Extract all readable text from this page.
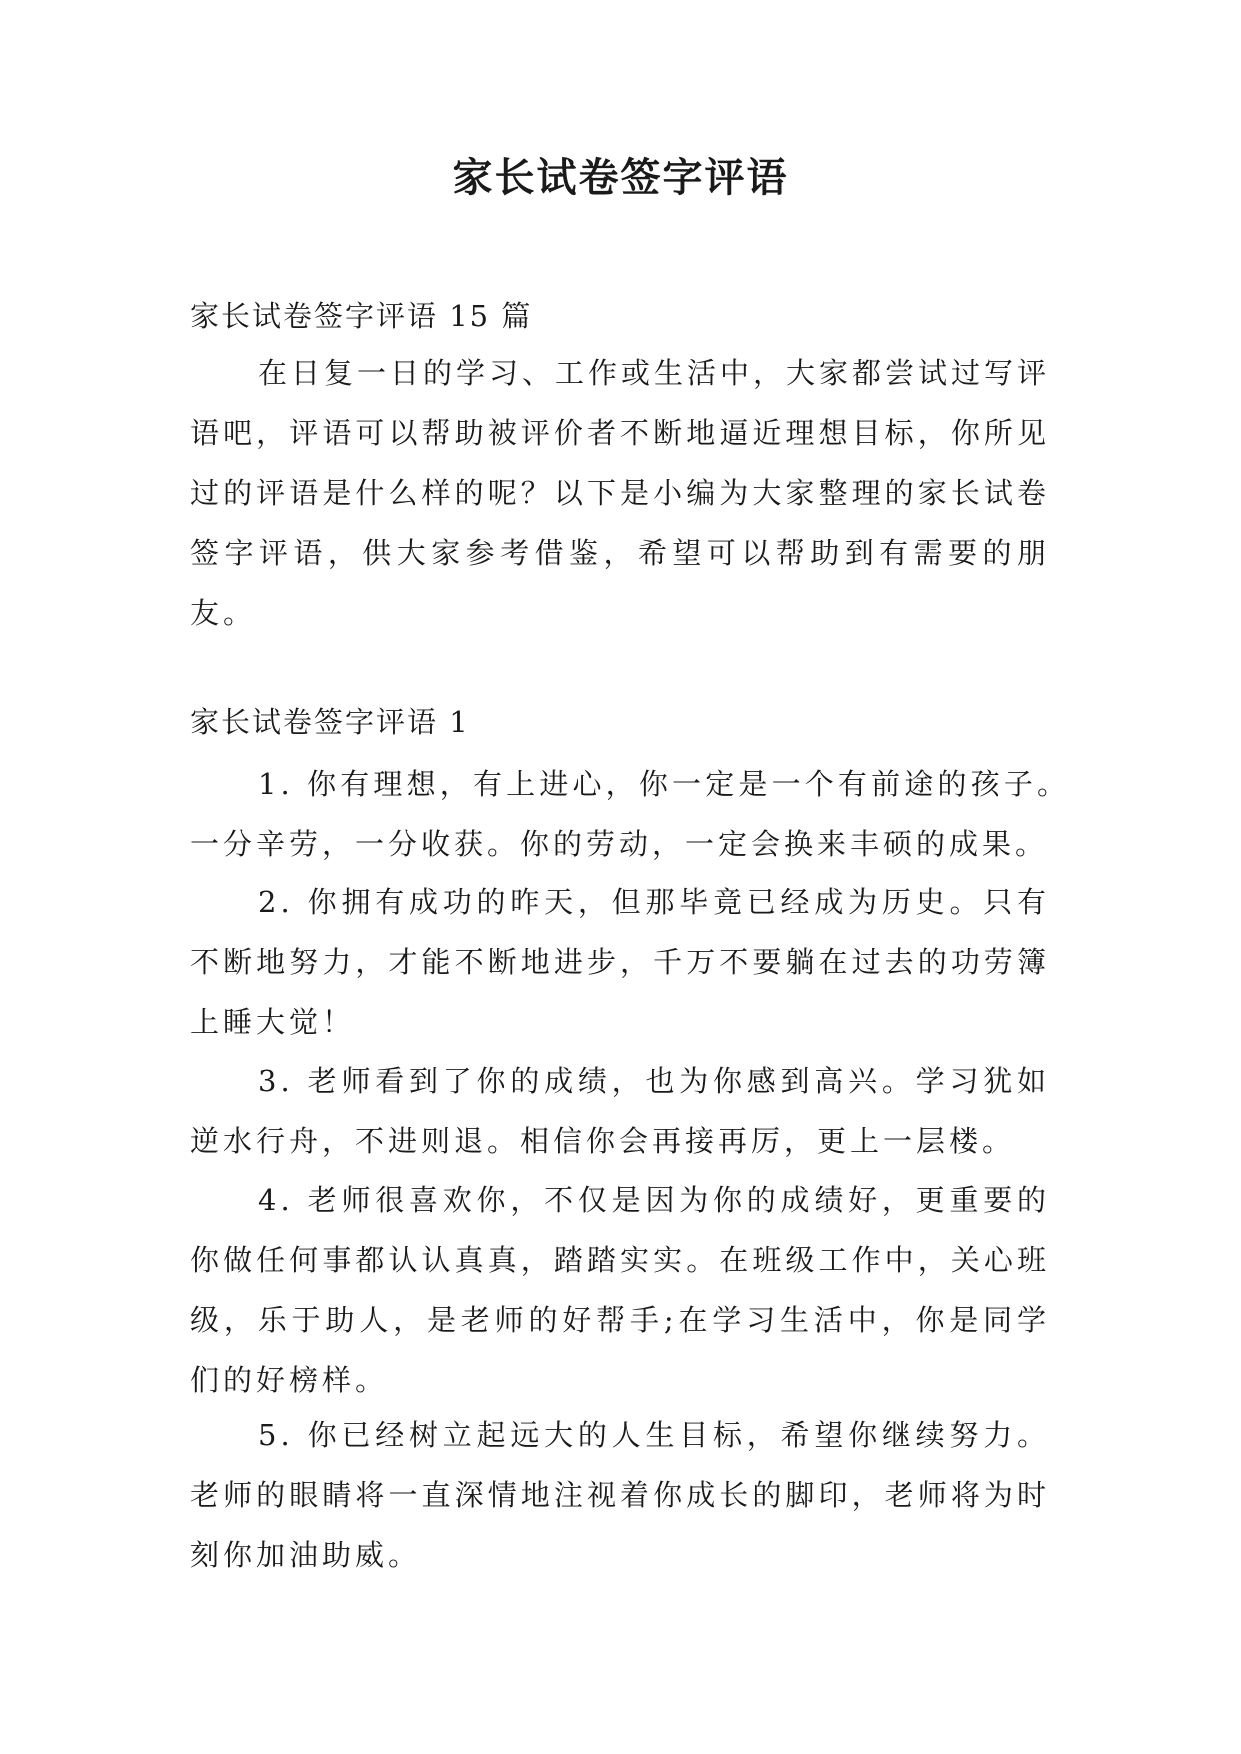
家长试卷签字评语

家长试卷签字评语 15 篇

在日复一日的学习、工作或生活中，大家都尝试过写评语吧，评语可以帮助被评价者不断地逼近理想目标，你所见过的评语是什么样的呢？以下是小编为大家整理的家长试卷签字评语，供大家参考借鉴，希望可以帮助到有需要的朋友。

家长试卷签字评语 1

1. 你有理想，有上进心，你一定是一个有前途的孩子。一分辛劳，一分收获。你的劳动，一定会换来丰硕的成果。

2. 你拥有成功的昨天，但那毕竟已经成为历史。只有不断地努力，才能不断地进步，千万不要躺在过去的功劳簿上睡大觉！

3. 老师看到了你的成绩，也为你感到高兴。学习犹如逆水行舟，不进则退。相信你会再接再厉，更上一层楼。

4. 老师很喜欢你，不仅是因为你的成绩好，更重要的你做任何事都认认真真，踏踏实实。在班级工作中，关心班级，乐于助人，是老师的好帮手;在学习生活中，你是同学们的好榜样。

5. 你已经树立起远大的人生目标，希望你继续努力。老师的眼睛将一直深情地注视着你成长的脚印，老师将为时刻你加油助威。
